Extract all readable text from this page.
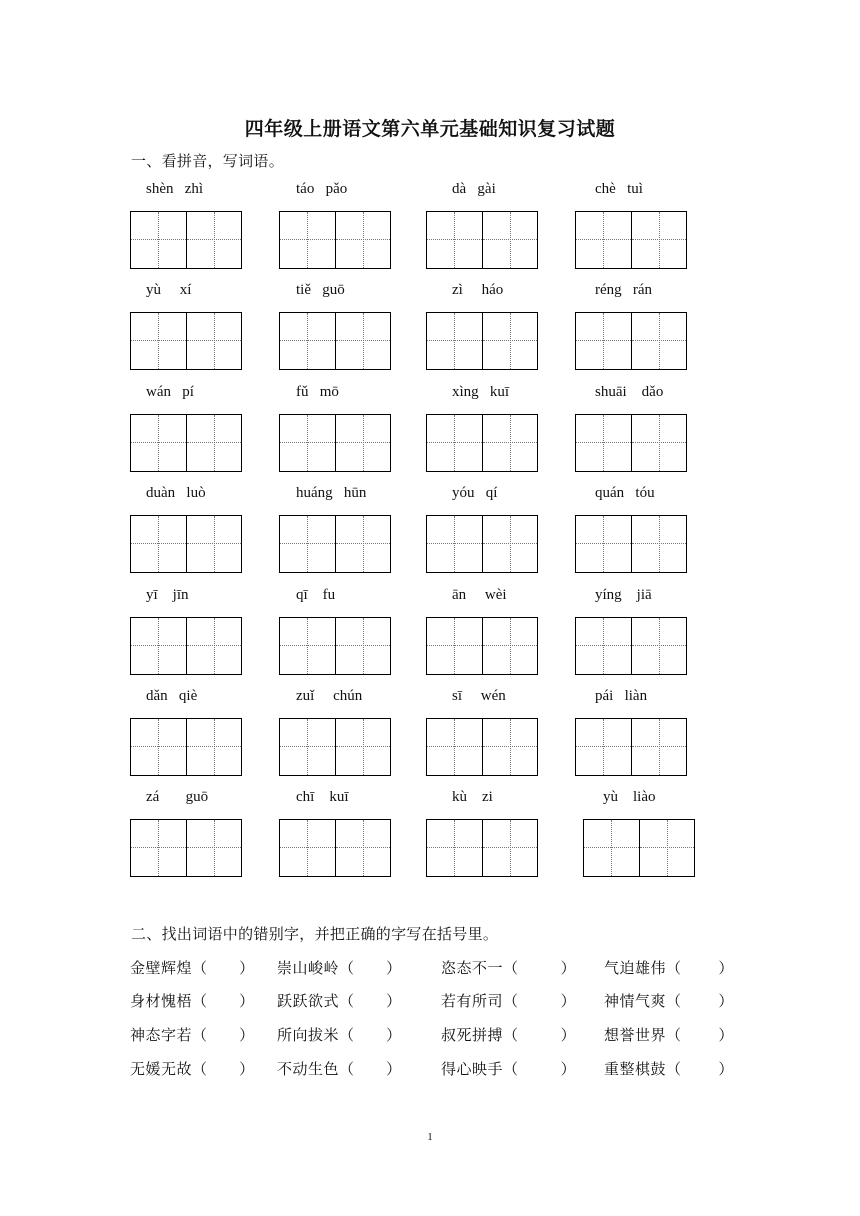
四年级上册语文第六单元基础知识复习试题
一、看拼音，写词语。
shèn   zhì	táo   pǎo	dà   gài	chè   tuì
yù     xí	tiě   guō	zì     háo	réng   rán
wán   pí	fǔ   mō	xìng   kuī	shuāi    dǎo
duàn   luò	huáng   hūn	yóu   qí	quán   tóu
yī    jīn	qī    fu	ān     wèi	yíng    jiā
dǎn   qiè	zuǐ     chún	sī     wén	pái   liàn
zá       guō	chī    kuī	kù    zi	yù    liào
二、找出词语中的错别字，并把正确的字写在括号里。
金壁辉煌（      ） 崇山峻岭（      ）	恣态不一（        ） 气迫雄伟（       ）
身材愧梧（      ） 跃跃欲式（      ）	若有所司（        ） 神情气爽（       ）
神态字若（      ） 所向拔米（      ）	叔死拼搏（        ） 想誉世界（       ）
无媛无故（      ） 不动生色（      ）	得心映手（        ） 重整棋鼓（       ）
1
